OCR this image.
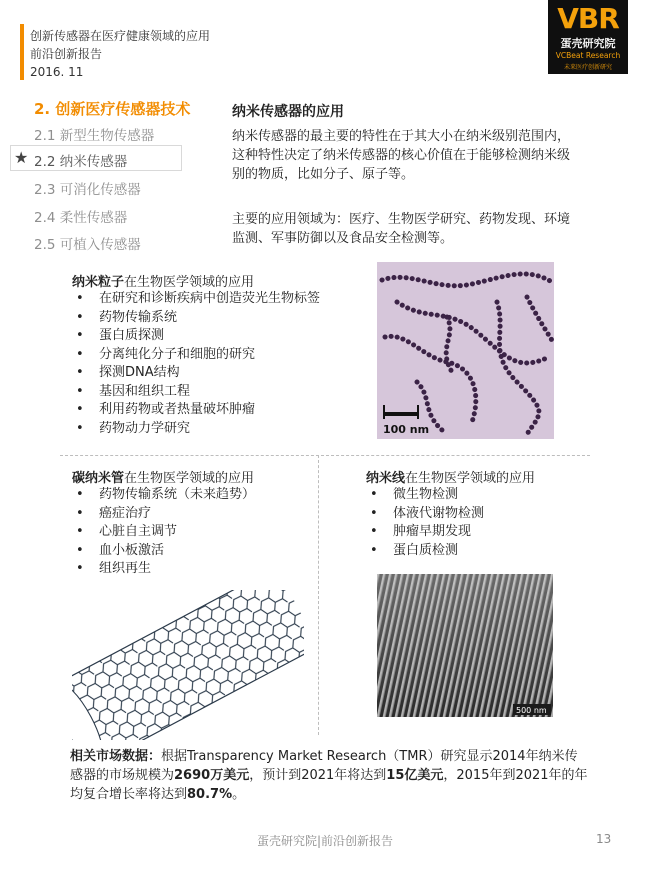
创新传感器在医疗健康领域的应用
前沿创新报告
2016. 11
VBR
蛋壳研究院
VCBeat Research
未来医疗创新研究
2. 创新医疗传感器技术
★
2.1 新型生物传感器
2.2 纳米传感器
2.3 可消化传感器
2.4 柔性传感器
2.5 可植入传感器
纳米传感器的应用
纳米传感器的最主要的特性在于其大小在纳米级别范围内，这种特性决定了纳米传感器的核心价值在于能够检测纳米级别的物质，比如分子、原子等。
主要的应用领域为：医疗、生物医学研究、药物发现、环境监测、军事防御以及食品安全检测等。
纳米粒子在生物医学领域的应用
• 在研究和诊断疾病中创造荧光生物标签
• 药物传输系统
• 蛋白质探测
• 分离纯化分子和细胞的研究
• 探测DNA结构
• 基因和组织工程
• 利用药物或者热量破坏肿瘤
• 药物动力学研究	100 nm
碳纳米管在生物医学领域的应用
• 药物传输系统（未来趋势）
• 癌症治疗
• 心脏自主调节
• 血小板激活
• 组织再生
纳米线在生物医学领域的应用
• 微生物检测
• 体液代谢物检测
• 肿瘤早期发现
• 蛋白质检测
500 nm
相关市场数据：根据Transparency Market Research（TMR）研究显示2014年纳米传感器的市场规模为2690万美元，预计到2021年将达到15亿美元，2015年到2021年的年均复合增长率将达到80.7%。
蛋壳研究院|前沿创新报告	13
